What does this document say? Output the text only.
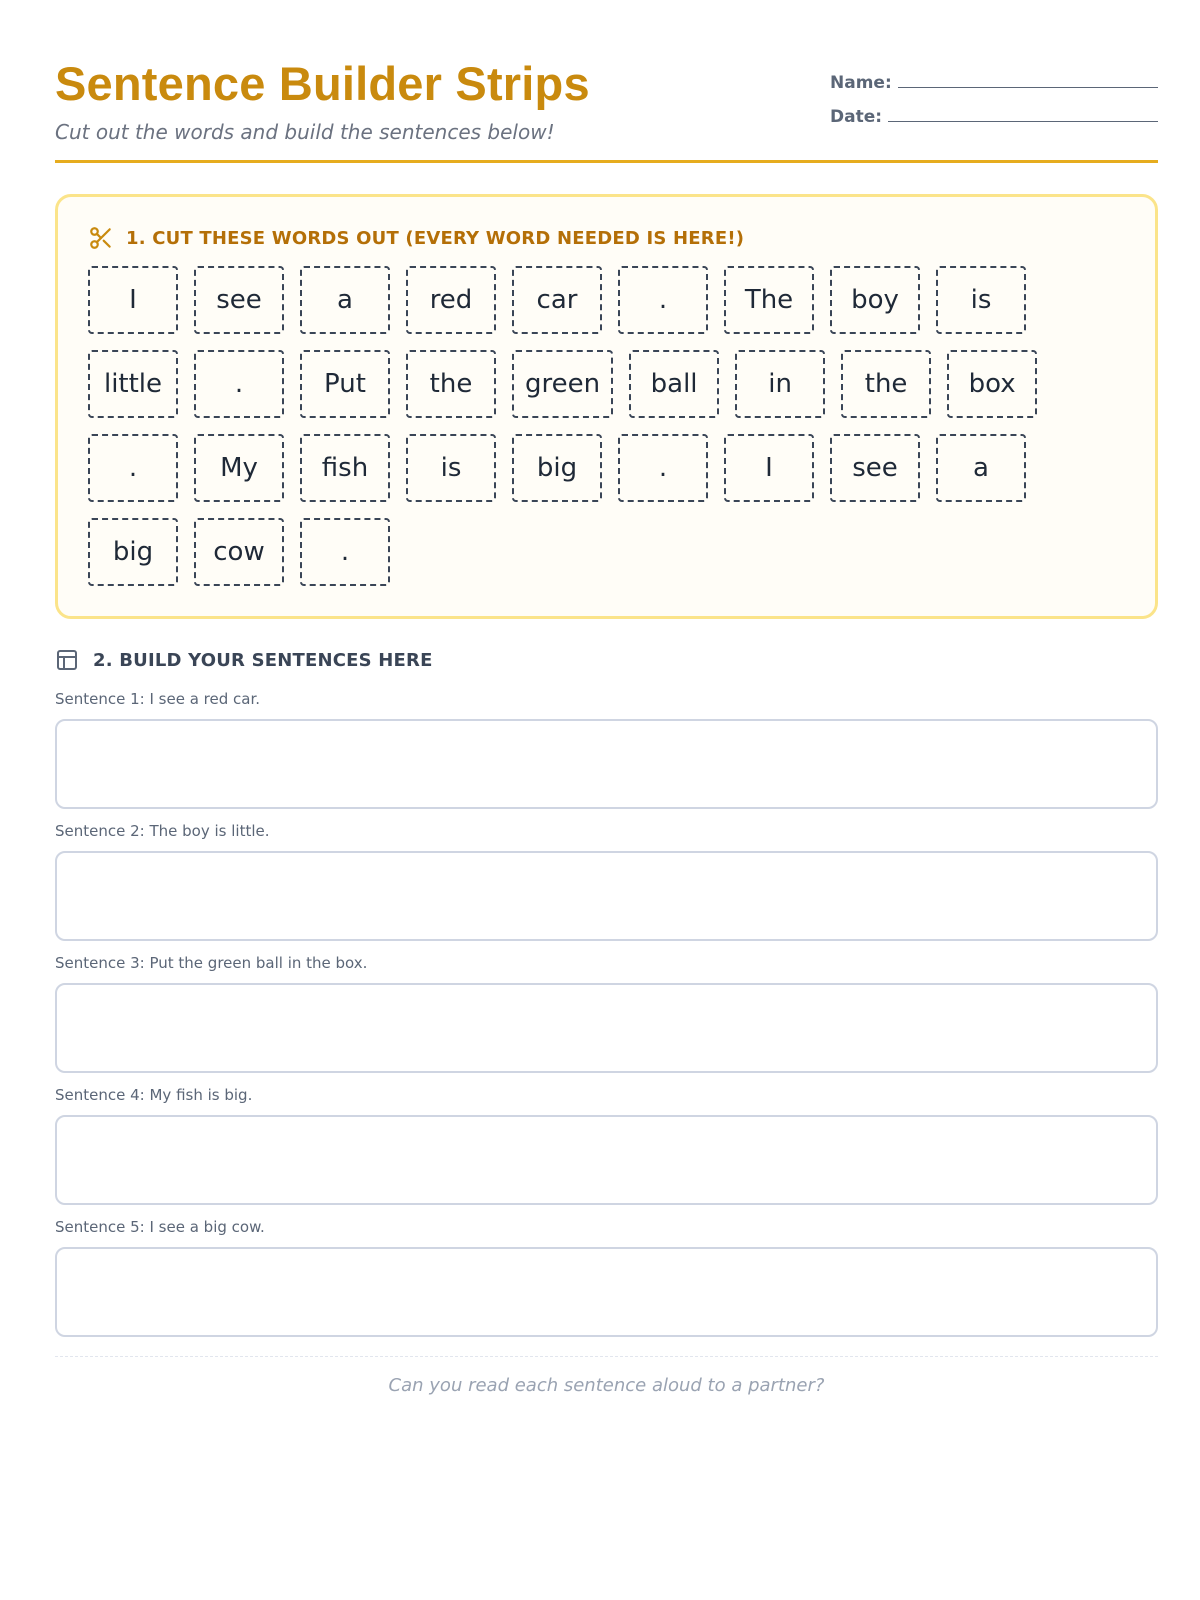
Sentence Builder Strips
Cut out the words and build the sentences below!
Name:
Date:
1. CUT THESE WORDS OUT (EVERY WORD NEEDED IS HERE!)
I	see	a	red	car	.	The	boy	is
little	.	Put	the	green	ball	in	the	box
.	My	fish	is	big	.	I	see	a
big	cow	.
2. BUILD YOUR SENTENCES HERE
Sentence 1: I see a red car.
Sentence 2: The boy is little.
Sentence 3: Put the green ball in the box.
Sentence 4: My fish is big.
Sentence 5: I see a big cow.
Can you read each sentence aloud to a partner?
